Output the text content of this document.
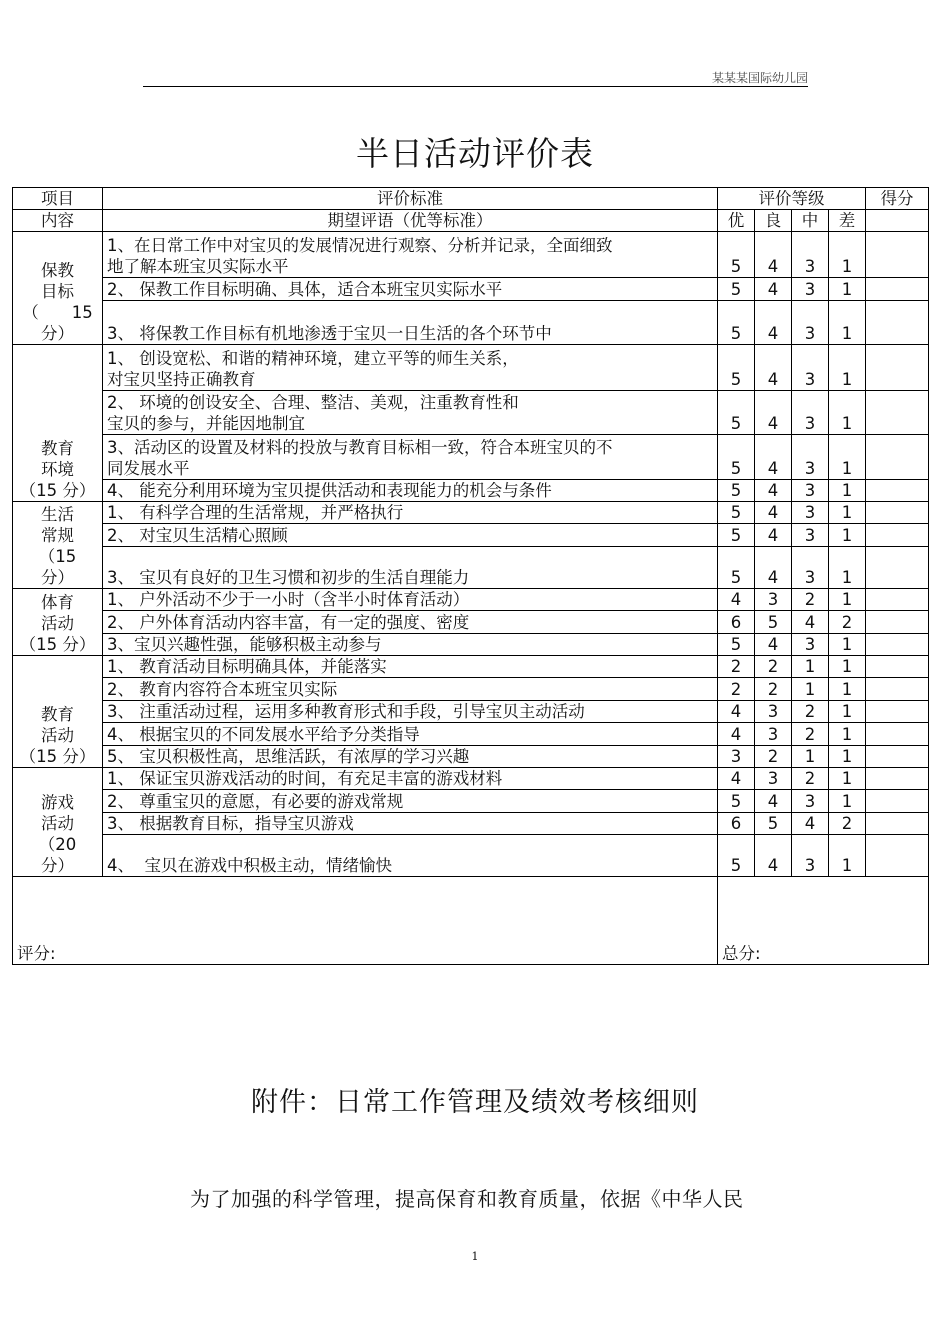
某某某国际幼儿园
半日活动评价表
项目	评价标准	评价等级				得分
内容	期望评语（优等标准）	优	良	中	差	
保教
目标
（　　15
分）	1、在日常工作中对宝贝的发展情况进行观察、分析并记录，全面细致
地了解本班宝贝实际水平	5	4	3	1	
	2、 保教工作目标明确、具体，适合本班宝贝实际水平	5	4	3	1	
	3、 将保教工作目标有机地渗透于宝贝一日生活的各个环节中	5	4	3	1	
教育
环境
（15 分）	1、 创设宽松、和谐的精神环境，建立平等的师生关系，
对宝贝坚持正确教育	5	4	3	1	
	2、 环境的创设安全、合理、整洁、美观，注重教育性和
宝贝的参与，并能因地制宜	5	4	3	1	
	3、活动区的设置及材料的投放与教育目标相一致，符合本班宝贝的不
同发展水平	5	4	3	1	
	4、 能充分利用环境为宝贝提供活动和表现能力的机会与条件	5	4	3	1	
生活
常规
（15
分）	1、 有科学合理的生活常规，并严格执行	5	4	3	1	
	2、 对宝贝生活精心照顾	5	4	3	1	
	3、 宝贝有良好的卫生习惯和初步的生活自理能力	5	4	3	1	
体育
活动
（15 分）	1、 户外活动不少于一小时（含半小时体育活动）	4	3	2	1	
	2、 户外体育活动内容丰富，有一定的强度、密度	6	5	4	2	
	3、宝贝兴趣性强，能够积极主动参与	5	4	3	1	
教育
活动
（15 分）	1、 教育活动目标明确具体，并能落实	2	2	1	1	
	2、 教育内容符合本班宝贝实际	2	2	1	1	
	3、 注重活动过程，运用多种教育形式和手段，引导宝贝主动活动	4	3	2	1	
	4、 根据宝贝的不同发展水平给予分类指导	4	3	2	1	
	5、 宝贝积极性高，思维活跃，有浓厚的学习兴趣	3	2	1	1	
游戏
活动
（20
分）	1、 保证宝贝游戏活动的时间，有充足丰富的游戏材料	4	3	2	1	
	2、 尊重宝贝的意愿，有必要的游戏常规	5	4	3	1	
	3、 根据教育目标，指导宝贝游戏	6	5	4	2	
	4、  宝贝在游戏中积极主动，情绪愉快	5	4	3	1	
评分:		总分:				
附件：日常工作管理及绩效考核细则
为了加强的科学管理，提高保育和教育质量，依据《中华人民
1
